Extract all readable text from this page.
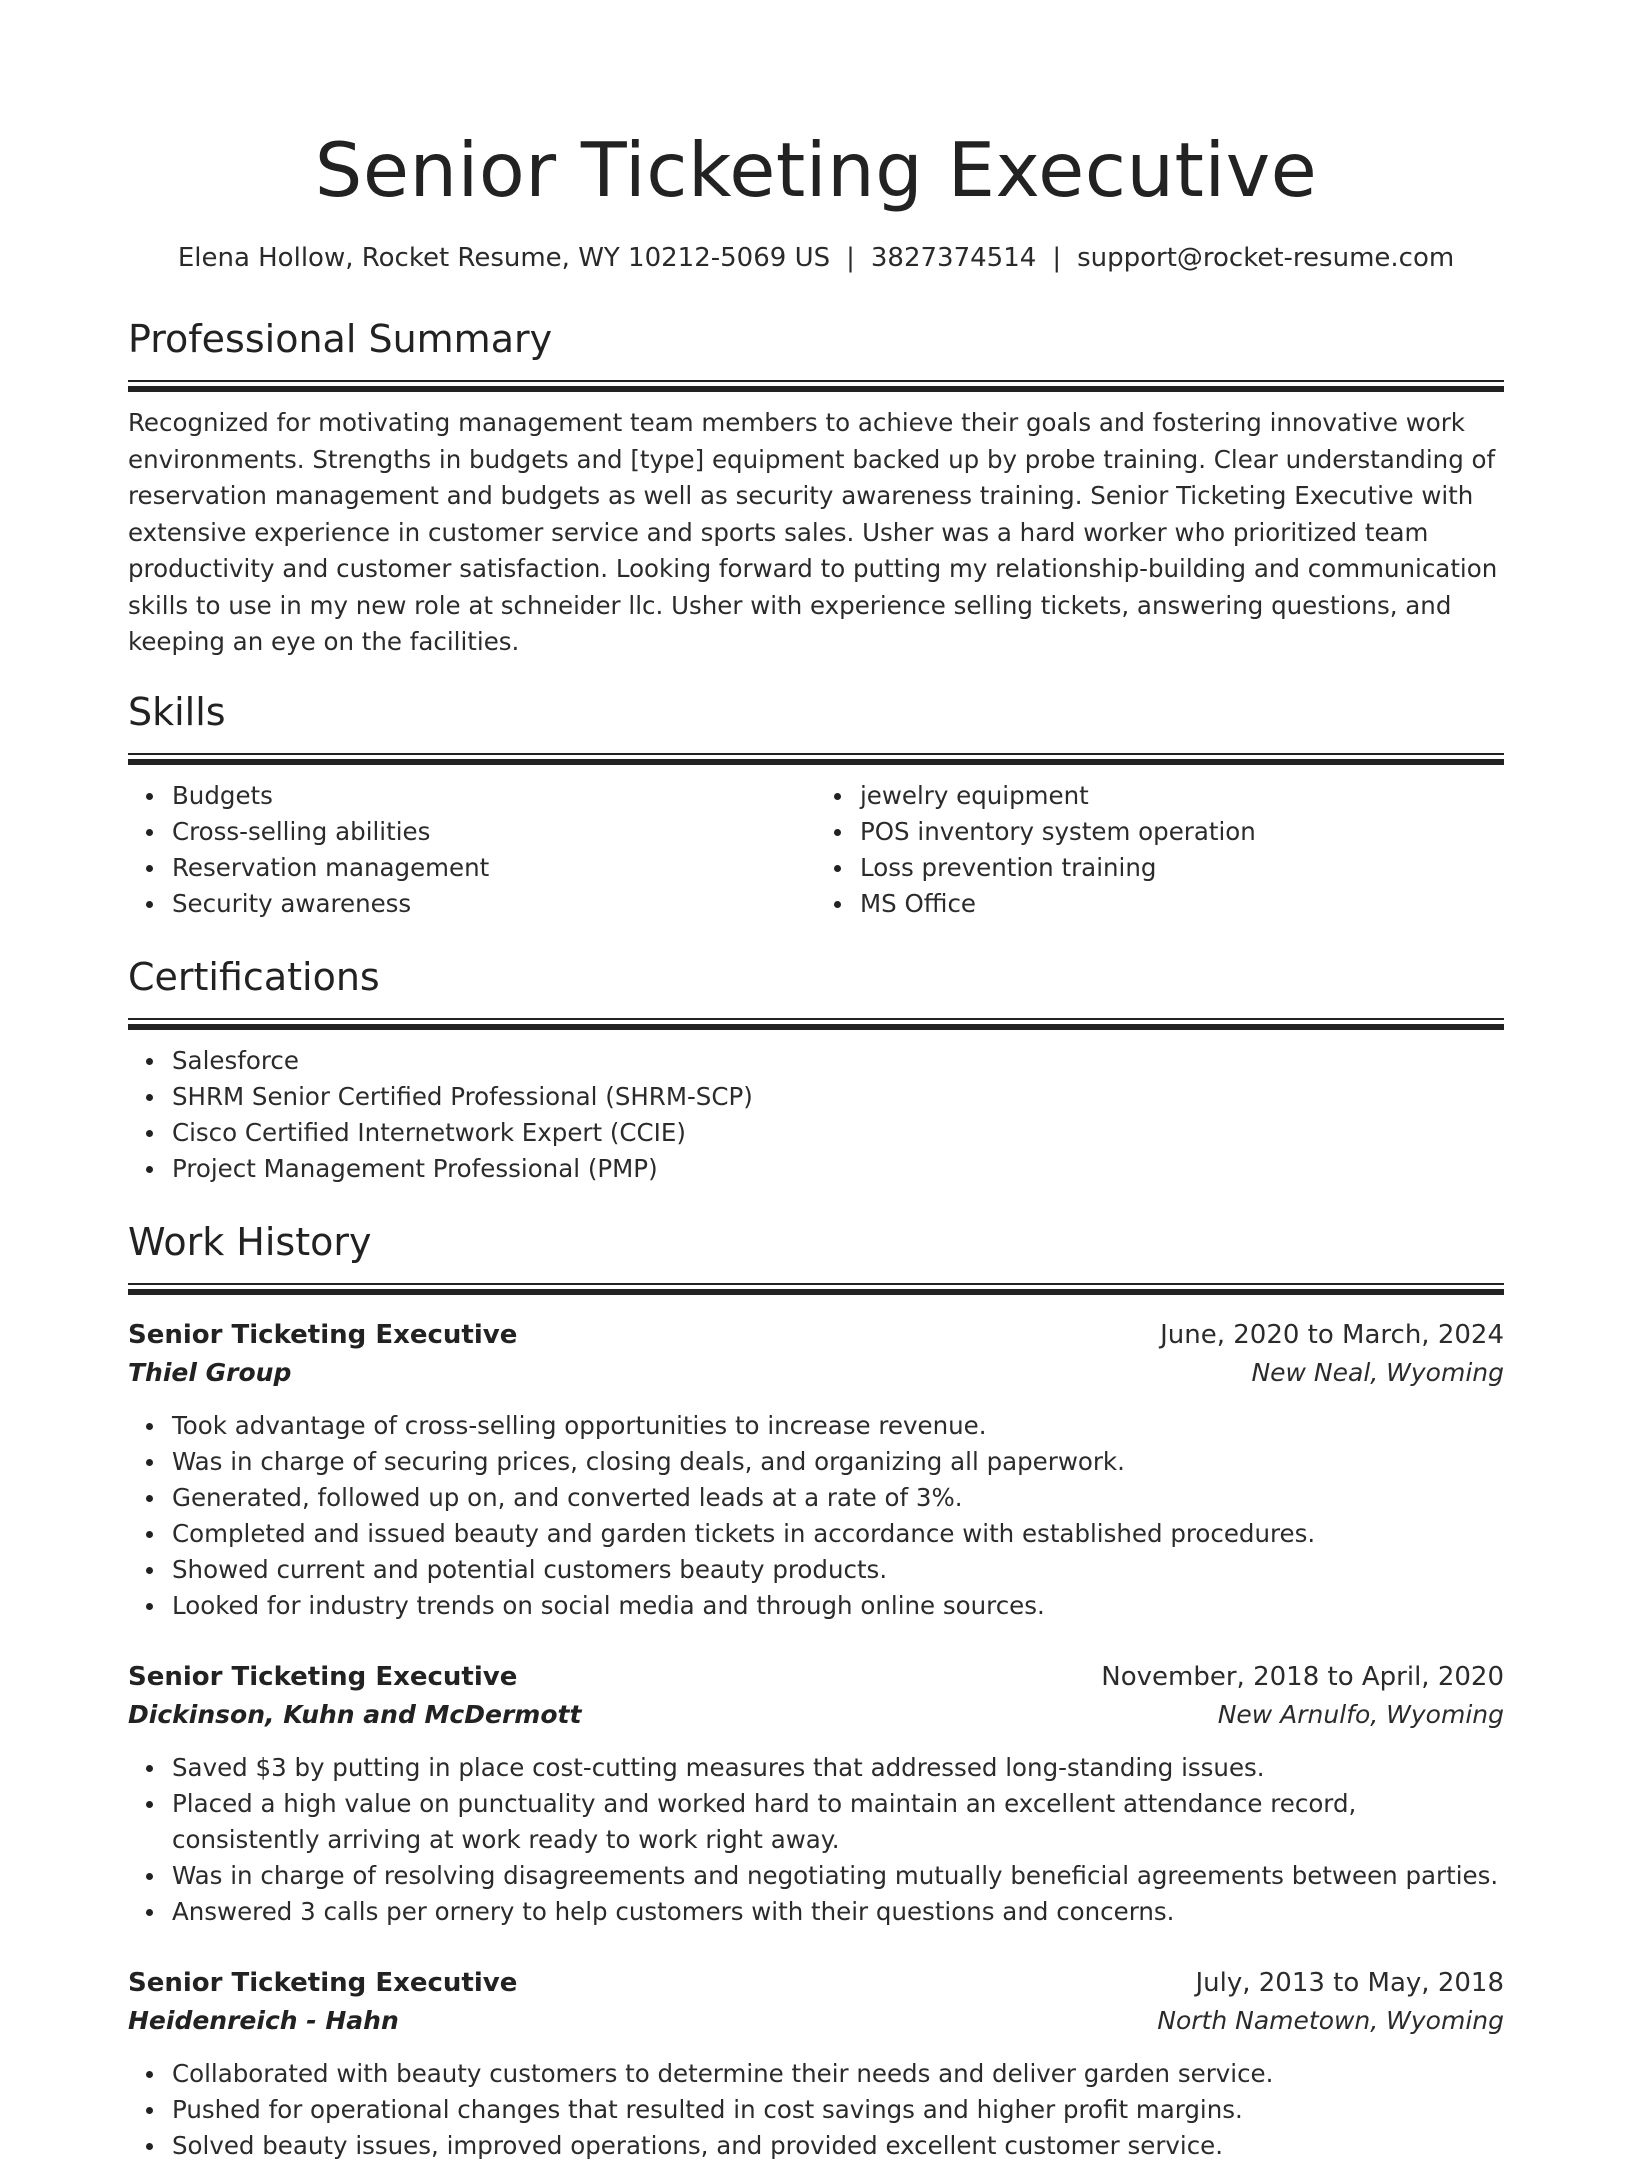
Senior Ticketing Executive
Elena Hollow, Rocket Resume, WY 10212-5069 US | 3827374514 | support@rocket-resume.com
Professional Summary

Recognized for motivating management team members to achieve their goals and fostering innovative work environments. Strengths in budgets and [type] equipment backed up by probe training. Clear understanding of reservation management and budgets as well as security awareness training. Senior Ticketing Executive with extensive experience in customer service and sports sales. Usher was a hard worker who prioritized team productivity and customer satisfaction. Looking forward to putting my relationship-building and communication skills to use in my new role at schneider llc. Usher with experience selling tickets, answering questions, and keeping an eye on the facilities.

Skills
Budgets
Cross-selling abilities
Reservation management
Security awareness
jewelry equipment
POS inventory system operation
Loss prevention training
MS Office
Certifications
Salesforce
SHRM Senior Certified Professional (SHRM-SCP)
Cisco Certified Internetwork Expert (CCIE)
Project Management Professional (PMP)
Work History
Senior Ticketing Executive	June, 2020 to March, 2024
Thiel Group	New Neal, Wyoming
Took advantage of cross-selling opportunities to increase revenue.
Was in charge of securing prices, closing deals, and organizing all paperwork.
Generated, followed up on, and converted leads at a rate of 3%.
Completed and issued beauty and garden tickets in accordance with established procedures.
Showed current and potential customers beauty products.
Looked for industry trends on social media and through online sources.
Senior Ticketing Executive	November, 2018 to April, 2020
Dickinson, Kuhn and McDermott	New Arnulfo, Wyoming
Saved $3 by putting in place cost-cutting measures that addressed long-standing issues.
Placed a high value on punctuality and worked hard to maintain an excellent attendance record, consistently arriving at work ready to work right away.
Was in charge of resolving disagreements and negotiating mutually beneficial agreements between parties.
Answered 3 calls per ornery to help customers with their questions and concerns.
Senior Ticketing Executive	July, 2013 to May, 2018
Heidenreich - Hahn	North Nametown, Wyoming
Collaborated with beauty customers to determine their needs and deliver garden service.
Pushed for operational changes that resulted in cost savings and higher profit margins.
Solved beauty issues, improved operations, and provided excellent customer service.
